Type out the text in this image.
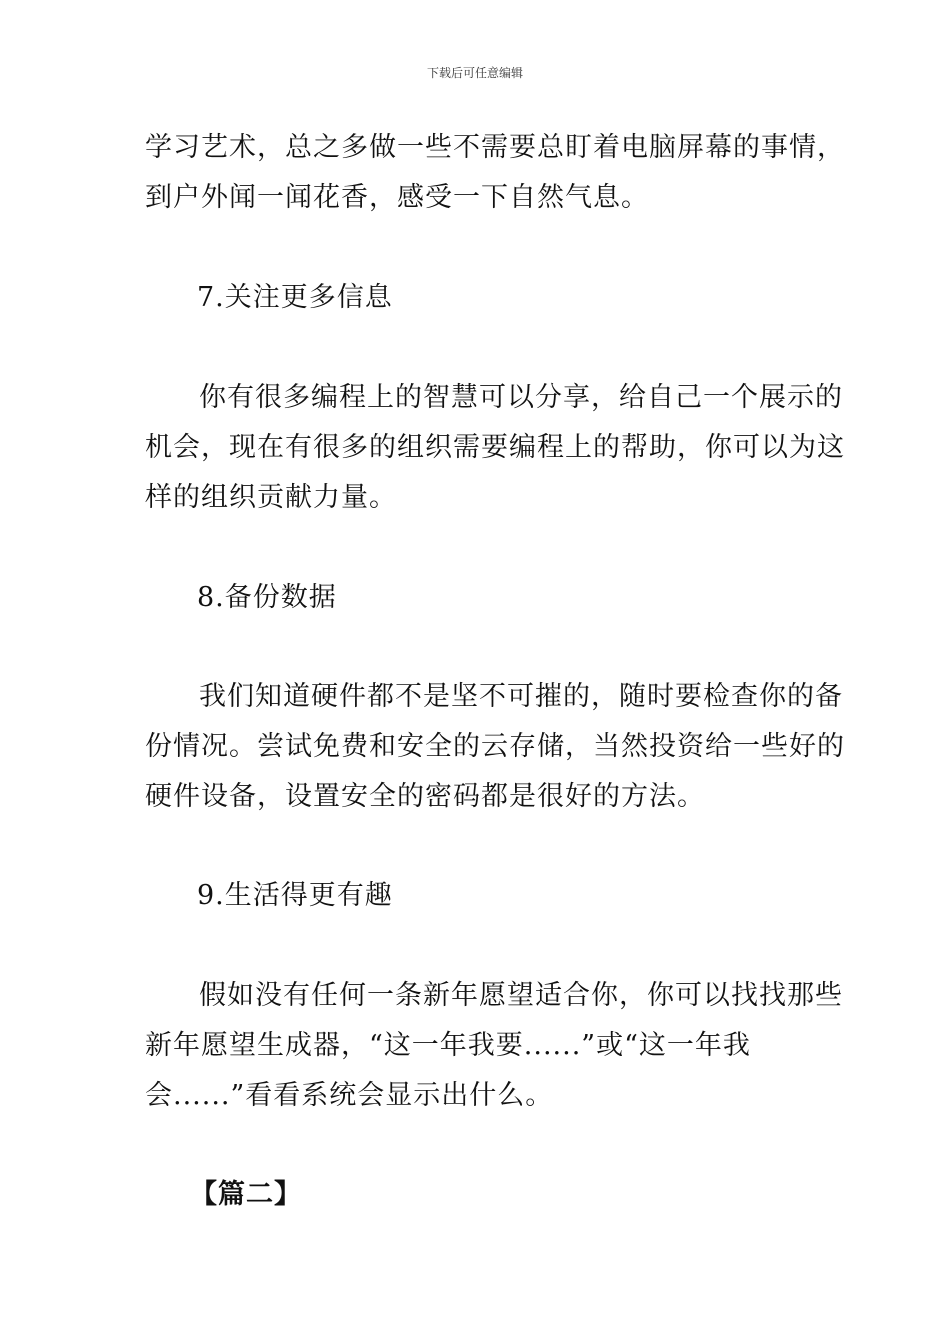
下载后可任意编辑
学习艺术，总之多做一些不需要总盯着电脑屏幕的事情，
到户外闻一闻花香，感受一下自然气息。
7.关注更多信息
你有很多编程上的智慧可以分享，给自己一个展示的
机会，现在有很多的组织需要编程上的帮助，你可以为这
样的组织贡献力量。
8.备份数据
我们知道硬件都不是坚不可摧的，随时要检查你的备
份情况。尝试免费和安全的云存储，当然投资给一些好的
硬件设备，设置安全的密码都是很好的方法。
9.生活得更有趣
假如没有任何一条新年愿望适合你，你可以找找那些
新年愿望生成器，“这一年我要......”或“这一年我
会......”看看系统会显示出什么。
【篇二】
